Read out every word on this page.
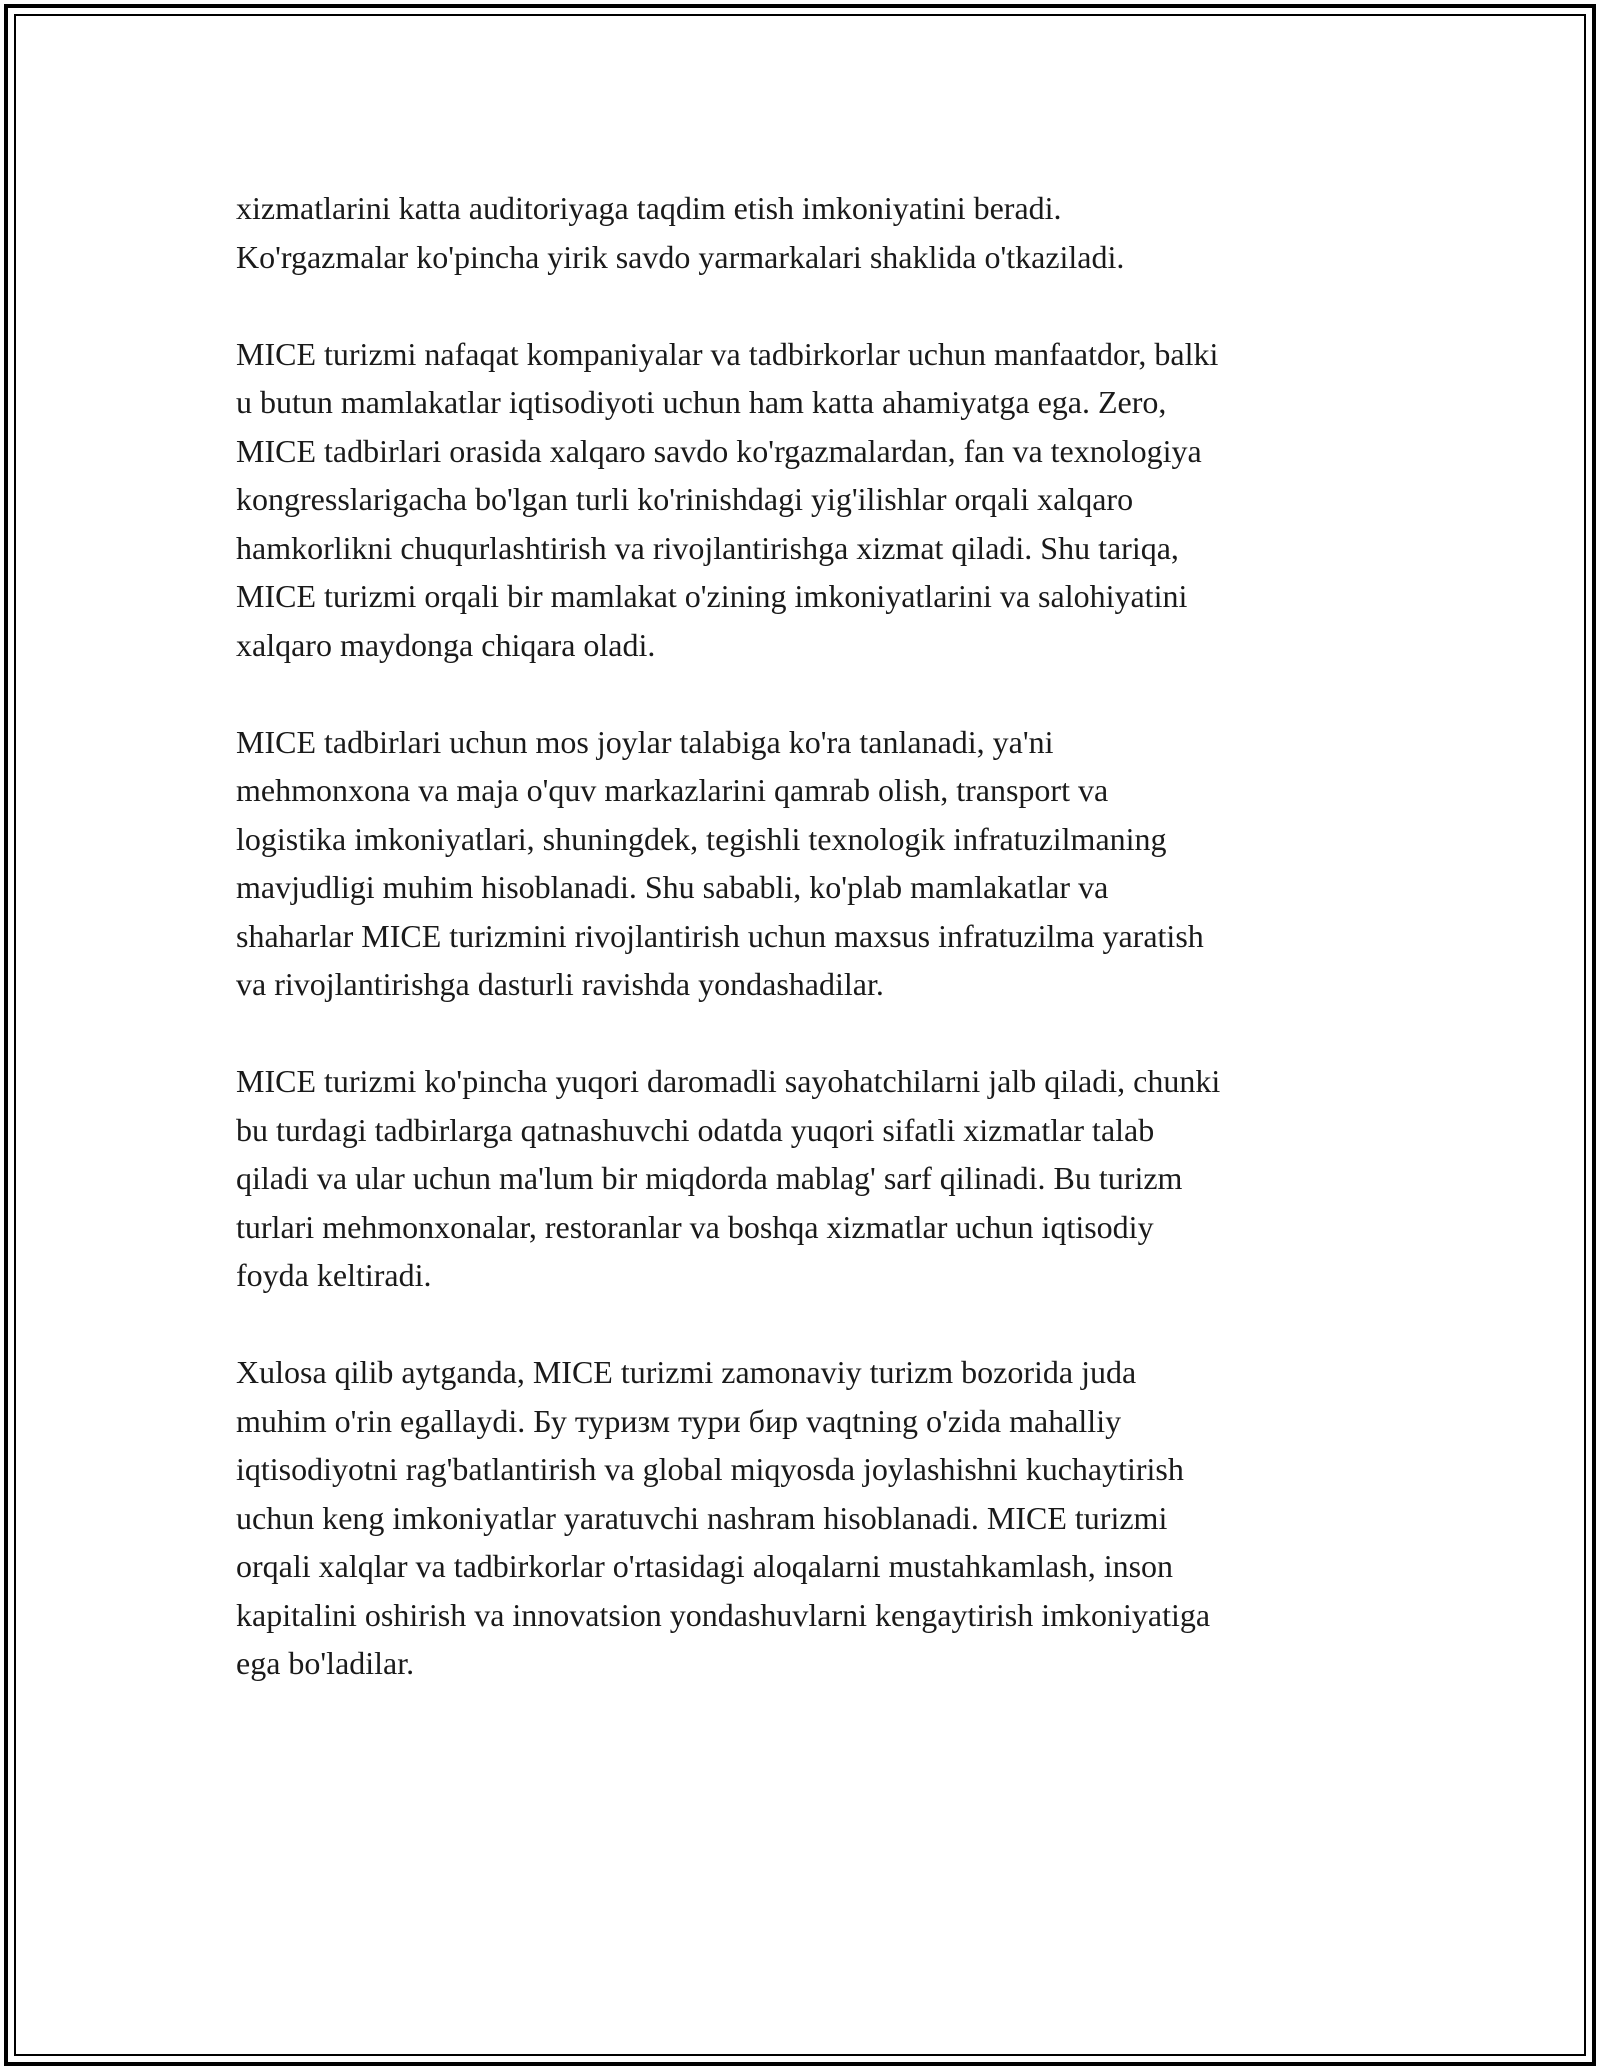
xizmatlarini katta auditoriyaga taqdim etish imkoniyatini beradi.
Ko'rgazmalar ko'pincha yirik savdo yarmarkalari shaklida o'tkaziladi.

MICE turizmi nafaqat kompaniyalar va tadbirkorlar uchun manfaatdor, balki
u butun mamlakatlar iqtisodiyoti uchun ham katta ahamiyatga ega. Zero,
MICE tadbirlari orasida xalqaro savdo ko'rgazmalardan, fan va texnologiya
kongresslarigacha bo'lgan turli ko'rinishdagi yig'ilishlar orqali xalqaro
hamkorlikni chuqurlashtirish va rivojlantirishga xizmat qiladi. Shu tariqa,
MICE turizmi orqali bir mamlakat o'zining imkoniyatlarini va salohiyatini
xalqaro maydonga chiqara oladi.

MICE tadbirlari uchun mos joylar talabiga ko'ra tanlanadi, ya'ni
mehmonxona va maja o'quv markazlarini qamrab olish, transport va
logistika imkoniyatlari, shuningdek, tegishli texnologik infratuzilmaning
mavjudligi muhim hisoblanadi. Shu sababli, ko'plab mamlakatlar va
shaharlar MICE turizmini rivojlantirish uchun maxsus infratuzilma yaratish
va rivojlantirishga dasturli ravishda yondashadilar.

MICE turizmi ko'pincha yuqori daromadli sayohatchilarni jalb qiladi, chunki
bu turdagi tadbirlarga qatnashuvchi odatda yuqori sifatli xizmatlar talab
qiladi va ular uchun ma'lum bir miqdorda mablag' sarf qilinadi. Bu turizm
turlari mehmonxonalar, restoranlar va boshqa xizmatlar uchun iqtisodiy
foyda keltiradi.

Xulosa qilib aytganda, MICE turizmi zamonaviy turizm bozorida juda
muhim o'rin egallaydi. Бу туризм тури бир vaqtning o'zida mahalliy
iqtisodiyotni rag'batlantirish va global miqyosda joylashishni kuchaytirish
uchun keng imkoniyatlar yaratuvchi nashram hisoblanadi. MICE turizmi
orqali xalqlar va tadbirkorlar o'rtasidagi aloqalarni mustahkamlash, inson
kapitalini oshirish va innovatsion yondashuvlarni kengaytirish imkoniyatiga
ega bo'ladilar.
